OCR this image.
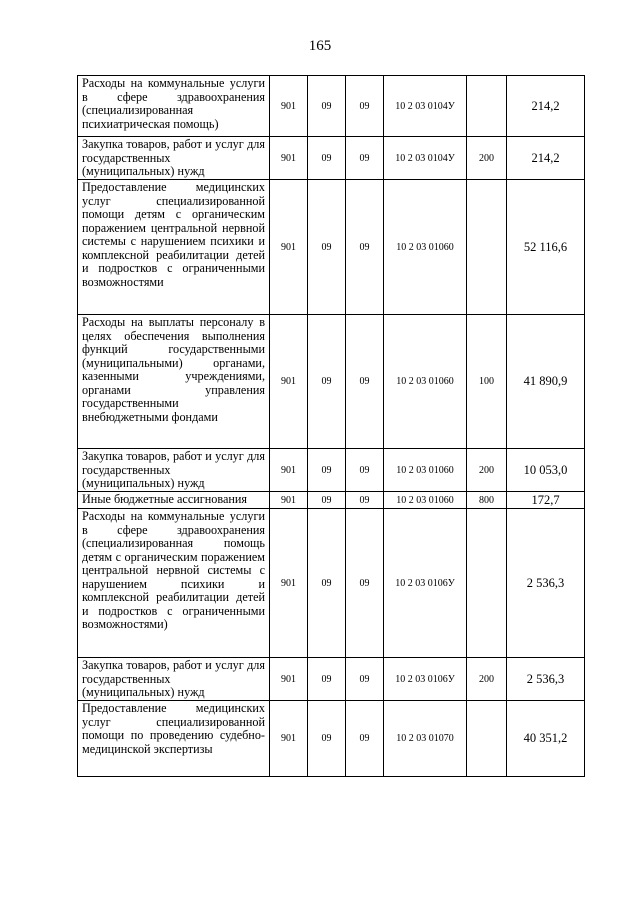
165
Расходы на коммунальные услуги в сфере здравоохранения (специализированная психиатрическая помощь)	901	09	09	10 2 03 0104У		214,2
Закупка товаров, работ и услуг для государственных (муниципальных) нужд	901	09	09	10 2 03 0104У	200	214,2
Предоставление медицинских услуг специализированной помощи детям с органическим поражением центральной нервной системы с нарушением психики и комплексной реабилитации детей и подростков с ограниченными возможностями	901	09	09	10 2 03 01060		52 116,6
Расходы на выплаты персоналу в целях обеспечения выполнения функций государственными (муниципальными) органами, казенными учреждениями, органами управления государственными внебюджетными фондами	901	09	09	10 2 03 01060	100	41 890,9
Закупка товаров, работ и услуг для государственных (муниципальных) нужд	901	09	09	10 2 03 01060	200	10 053,0
Иные бюджетные ассигнования	901	09	09	10 2 03 01060	800	172,7
Расходы на коммунальные услуги в сфере здравоохранения (специализированная помощь детям с органическим поражением центральной нервной системы с нарушением психики и комплексной реабилитации детей и подростков с ограниченными возможностями)	901	09	09	10 2 03 0106У		2 536,3
Закупка товаров, работ и услуг для государственных (муниципальных) нужд	901	09	09	10 2 03 0106У	200	2 536,3
Предоставление медицинских услуг специализированной помощи по проведению судебно-медицинской экспертизы	901	09	09	10 2 03 01070		40 351,2
